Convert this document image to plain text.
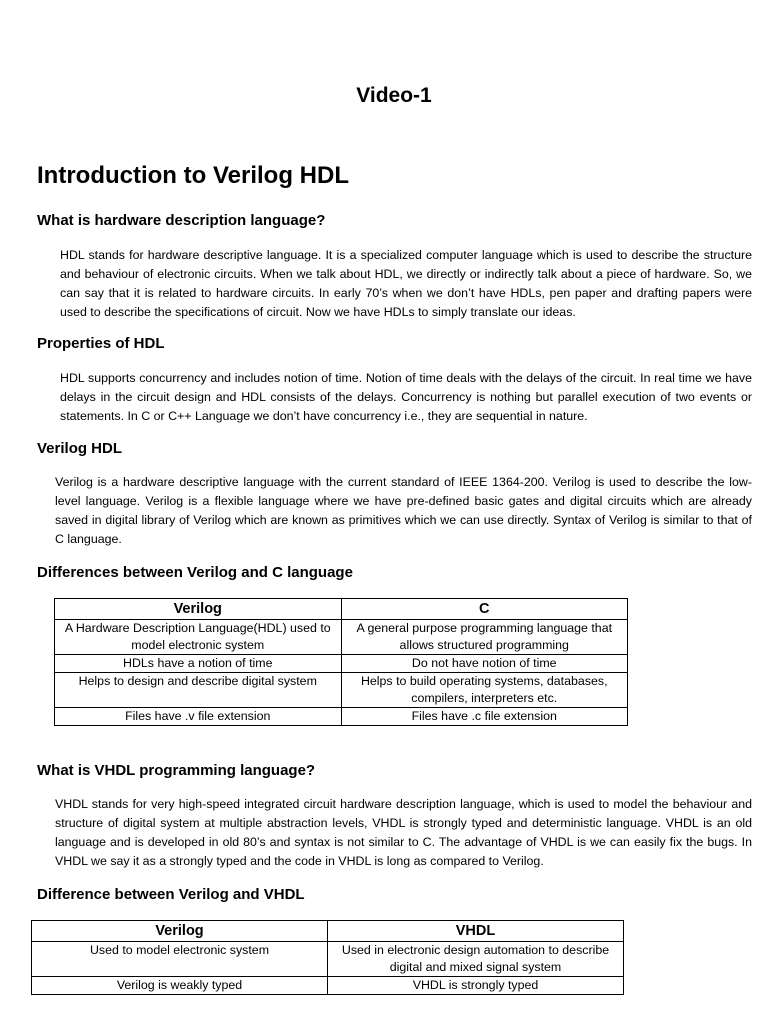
Video-1
Introduction to Verilog HDL
What is hardware description language?
HDL stands for hardware descriptive language. It is a specialized computer language which is used to describe the structure and behaviour of electronic circuits. When we talk about HDL, we directly or indirectly talk about a piece of hardware. So, we can say that it is related to hardware circuits. In early 70’s when we don’t have HDLs, pen paper and drafting papers were used to describe the specifications of circuit. Now we have HDLs to simply translate our ideas.
Properties of HDL
HDL supports concurrency and includes notion of time. Notion of time deals with the delays of the circuit. In real time we have delays in the circuit design and HDL consists of the delays. Concurrency is nothing but parallel execution of two events or statements. In C or C++ Language we don’t have concurrency i.e., they are sequential in nature.
Verilog HDL
Verilog is a hardware descriptive language with the current standard of IEEE 1364-200. Verilog is used to describe the low-level language. Verilog is a flexible language where we have pre-defined basic gates and digital circuits which are already saved in digital library of Verilog which are known as primitives which we can use directly. Syntax of Verilog is similar to that of C language.
Differences between Verilog and C language
Verilog	C
A Hardware Description Language(HDL) used to model electronic system	A general purpose programming language that allows structured programming
HDLs have a notion of time	Do not have notion of time
Helps to design and describe digital system	Helps to build operating systems, databases, compilers, interpreters etc.
Files have .v file extension	Files have .c file extension
What is VHDL programming language?
VHDL stands for very high-speed integrated circuit hardware description language, which is used to model the behaviour and structure of digital system at multiple abstraction levels, VHDL is strongly typed and deterministic language. VHDL is an old language and is developed in old 80’s and syntax is not similar to C. The advantage of VHDL is we can easily fix the bugs. In VHDL we say it as a strongly typed and the code in VHDL is long as compared to Verilog.
Difference between Verilog and VHDL
Verilog	VHDL
Used to model electronic system	Used in electronic design automation to describe digital and mixed signal system
Verilog is weakly typed	VHDL is strongly typed
